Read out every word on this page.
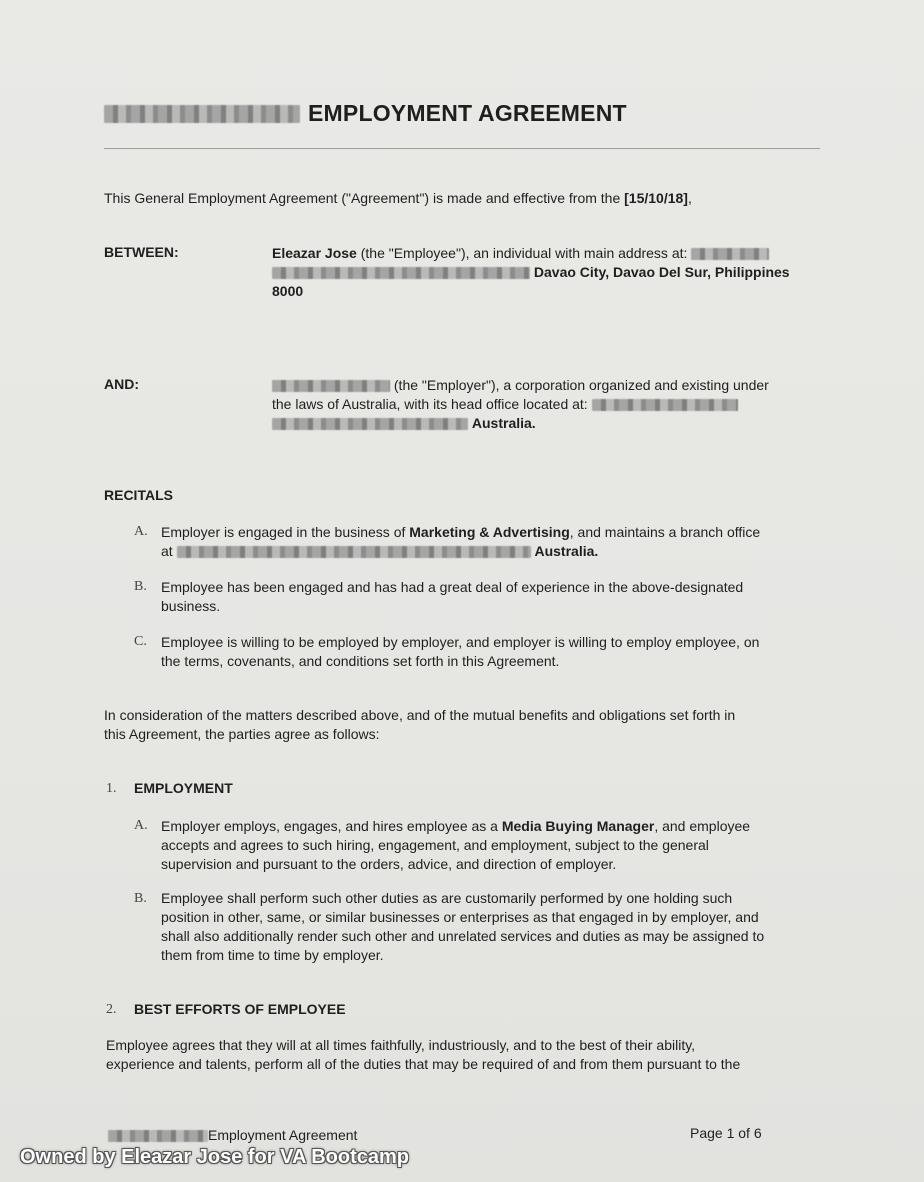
EMPLOYMENT AGREEMENT
This General Employment Agreement ("Agreement") is made and effective from the [15/10/18],
BETWEEN:	Eleazar Jose (the "Employee"), an individual with main address at:
Davao City, Davao Del Sur, Philippines
8000
AND:	(the "Employer"), a corporation organized and existing under
the laws of Australia, with its head office located at:
Australia.
RECITALS
A. Employer is engaged in the business of Marketing & Advertising, and maintains a branch office
at	Australia.
B. Employee has been engaged and has had a great deal of experience in the above-designated
business.
C. Employee is willing to be employed by employer, and employer is willing to employ employee, on
the terms, covenants, and conditions set forth in this Agreement.
In consideration of the matters described above, and of the mutual benefits and obligations set forth in
this Agreement, the parties agree as follows:
1. EMPLOYMENT
A. Employer employs, engages, and hires employee as a Media Buying Manager, and employee
accepts and agrees to such hiring, engagement, and employment, subject to the general
supervision and pursuant to the orders, advice, and direction of employer.
B. Employee shall perform such other duties as are customarily performed by one holding such
position in other, same, or similar businesses or enterprises as that engaged in by employer, and
shall also additionally render such other and unrelated services and duties as may be assigned to
them from time to time by employer.
2. BEST EFFORTS OF EMPLOYEE
Employee agrees that they will at all times faithfully, industriously, and to the best of their ability,
experience and talents, perform all of the duties that may be required of and from them pursuant to the
Employment Agreement	Page 1 of 6
Owned by Eleazar Jose for VA Bootcamp
